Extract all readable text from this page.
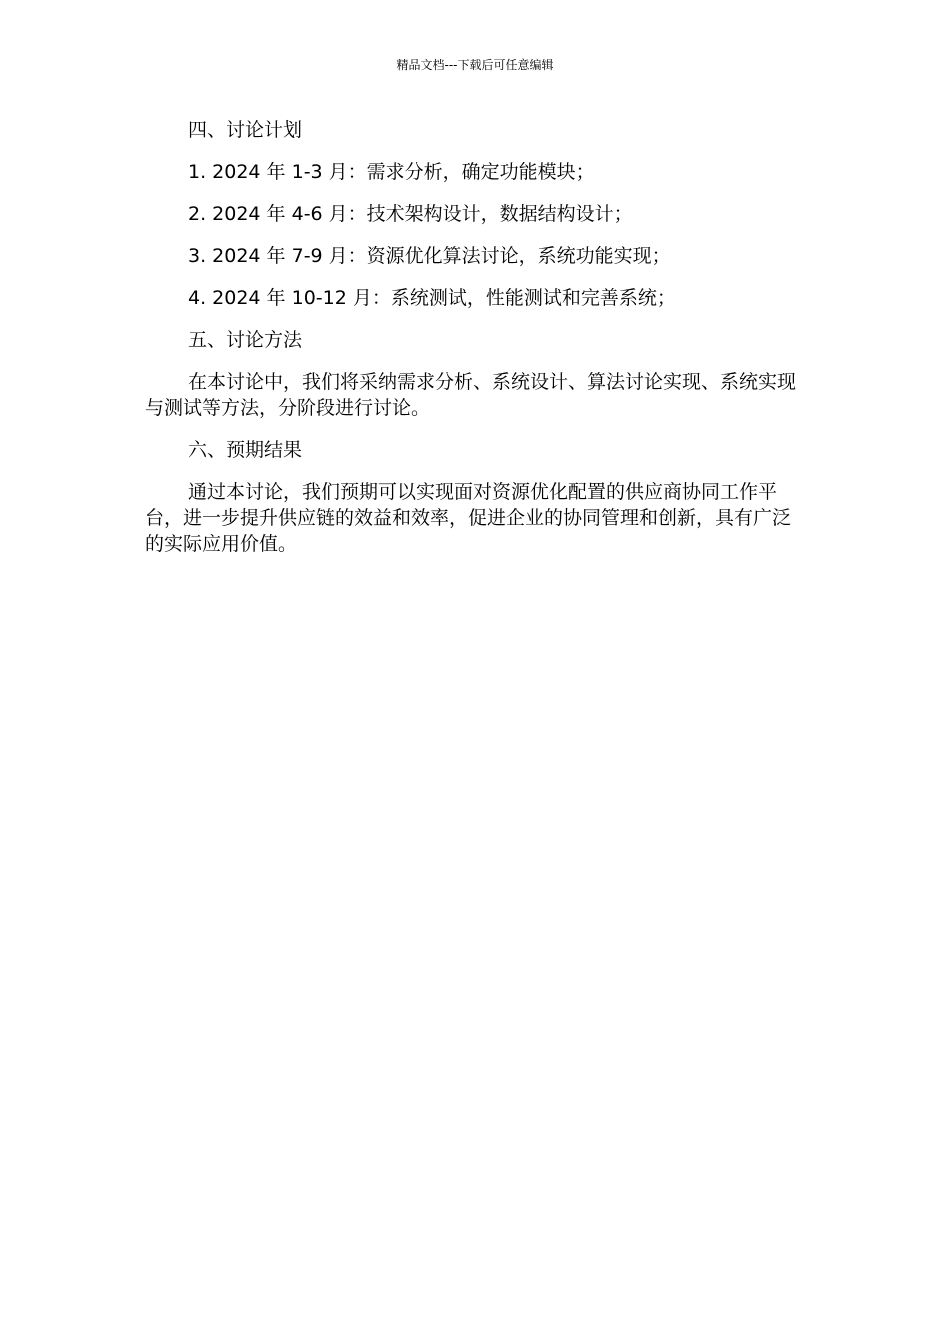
精品文档---下载后可任意编辑

四、讨论计划

1. 2024 年 1-3 月：需求分析，确定功能模块；

2. 2024 年 4-6 月：技术架构设计，数据结构设计；

3. 2024 年 7-9 月：资源优化算法讨论，系统功能实现；

4. 2024 年 10-12 月：系统测试，性能测试和完善系统；

五、讨论方法

在本讨论中，我们将采纳需求分析、系统设计、算法讨论实现、系统实现与测试等方法，分阶段进行讨论。

六、预期结果

通过本讨论，我们预期可以实现面对资源优化配置的供应商协同工作平台，进一步提升供应链的效益和效率，促进企业的协同管理和创新，具有广泛的实际应用价值。
